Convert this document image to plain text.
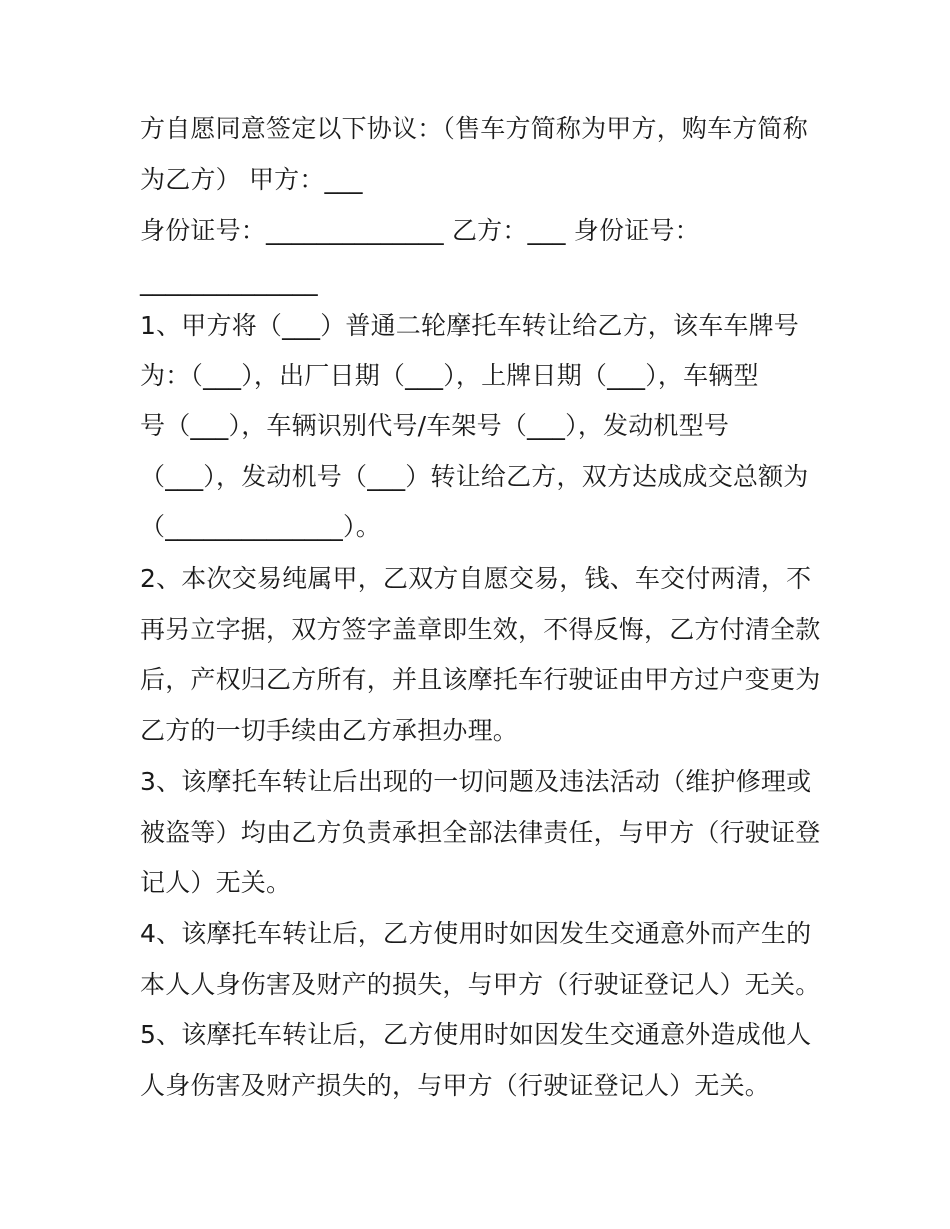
方自愿同意签定以下协议：（售车方简称为甲方，购车方简称
为乙方） 甲方：___
身份证号：______________ 乙方：___ 身份证号：
______________
1、甲方将（___）普通二轮摩托车转让给乙方，该车车牌号
为：（___），出厂日期（___），上牌日期（___），车辆型
号（___），车辆识别代号/车架号（___），发动机型号
（___），发动机号（___）转让给乙方，双方达成成交总额为
（______________）。
2、本次交易纯属甲，乙双方自愿交易，钱、车交付两清，不
再另立字据，双方签字盖章即生效，不得反悔，乙方付清全款
后，产权归乙方所有，并且该摩托车行驶证由甲方过户变更为
乙方的一切手续由乙方承担办理。
3、该摩托车转让后出现的一切问题及违法活动（维护修理或
被盗等）均由乙方负责承担全部法律责任，与甲方（行驶证登
记人）无关。
4、该摩托车转让后，乙方使用时如因发生交通意外而产生的
本人人身伤害及财产的损失，与甲方（行驶证登记人）无关。
5、该摩托车转让后，乙方使用时如因发生交通意外造成他人
人身伤害及财产损失的，与甲方（行驶证登记人）无关。
